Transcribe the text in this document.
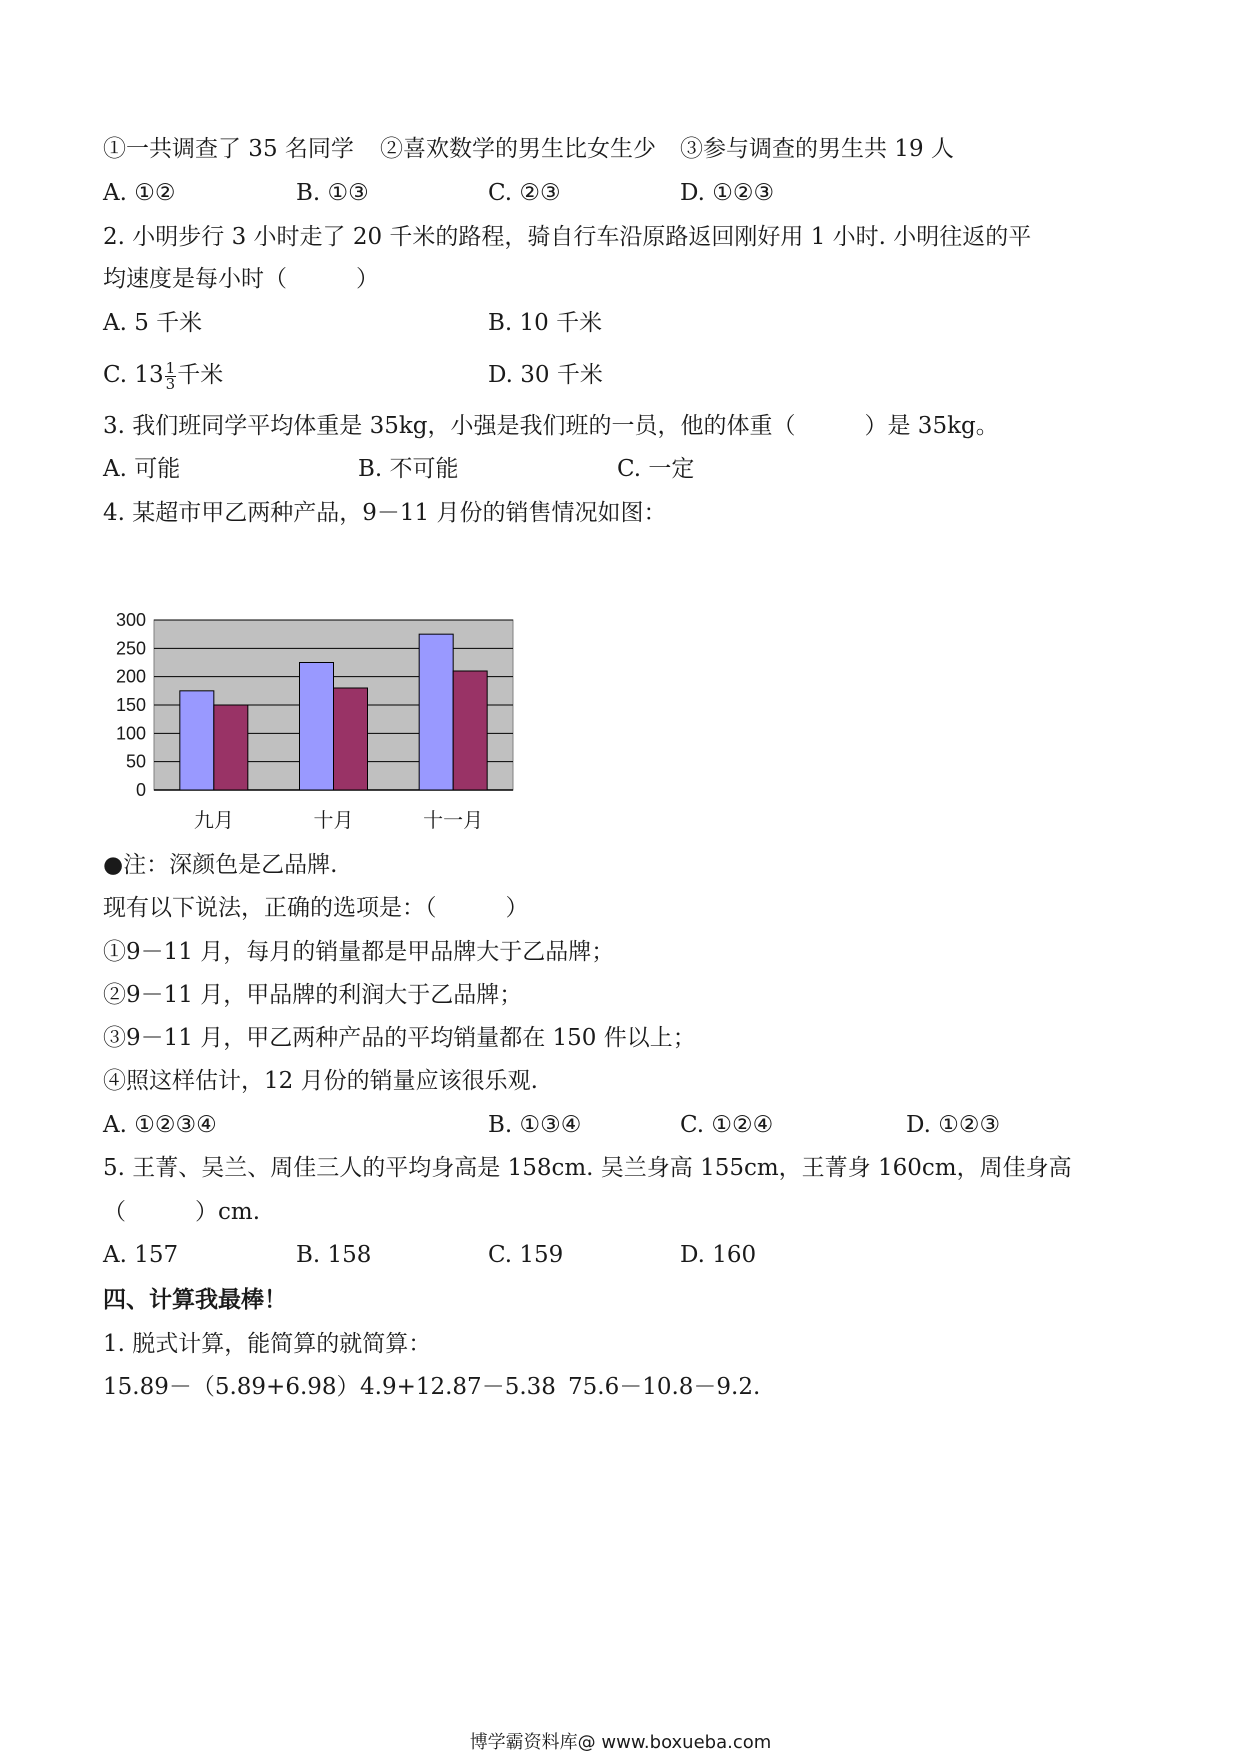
①一共调查了 35 名同学 ②喜欢数学的男生比女生少 ③参与调查的男生共 19 人
A. ①②	B. ①③	C. ②③	D. ①②③
2. 小明步行 3 小时走了 20 千米的路程，骑自行车沿原路返回刚好用 1 小时. 小明往返的平
均速度是每小时（　　　）
A. 5 千米	B. 10 千米
C. $13 \frac{1}{3}$ 千米	D. 30 千米
3. 我们班同学平均体重是 35kg，小强是我们班的一员，他的体重（　　　）是 35kg。
A. 可能	B. 不可能	C. 一定
4. 某超市甲乙两种产品，9－11 月份的销售情况如图：
0
50
100
150
200
250
300
九月	十月	十一月
●注：深颜色是乙品牌.
现有以下说法，正确的选项是：（　　　）
①9－11 月，每月的销量都是甲品牌大于乙品牌；
②9－11 月，甲品牌的利润大于乙品牌；
③9－11 月，甲乙两种产品的平均销量都在 150 件以上；
④照这样估计，12 月份的销量应该很乐观.
A. ①②③④	B. ①③④	C. ①②④	D. ①②③
5. 王菁、吴兰、周佳三人的平均身高是 158cm. 吴兰身高 155cm，王菁身 160cm，周佳身高
（　　　）cm.
A. 157	B. 158	C. 159	D. 160
四、计算我最棒！
1. 脱式计算，能简算的就简算：
15.89－（5.89+6.98） 4.9+12.87－5.38 75.6－10.8－9.2.
博学霸资料库@ www.boxueba.com
